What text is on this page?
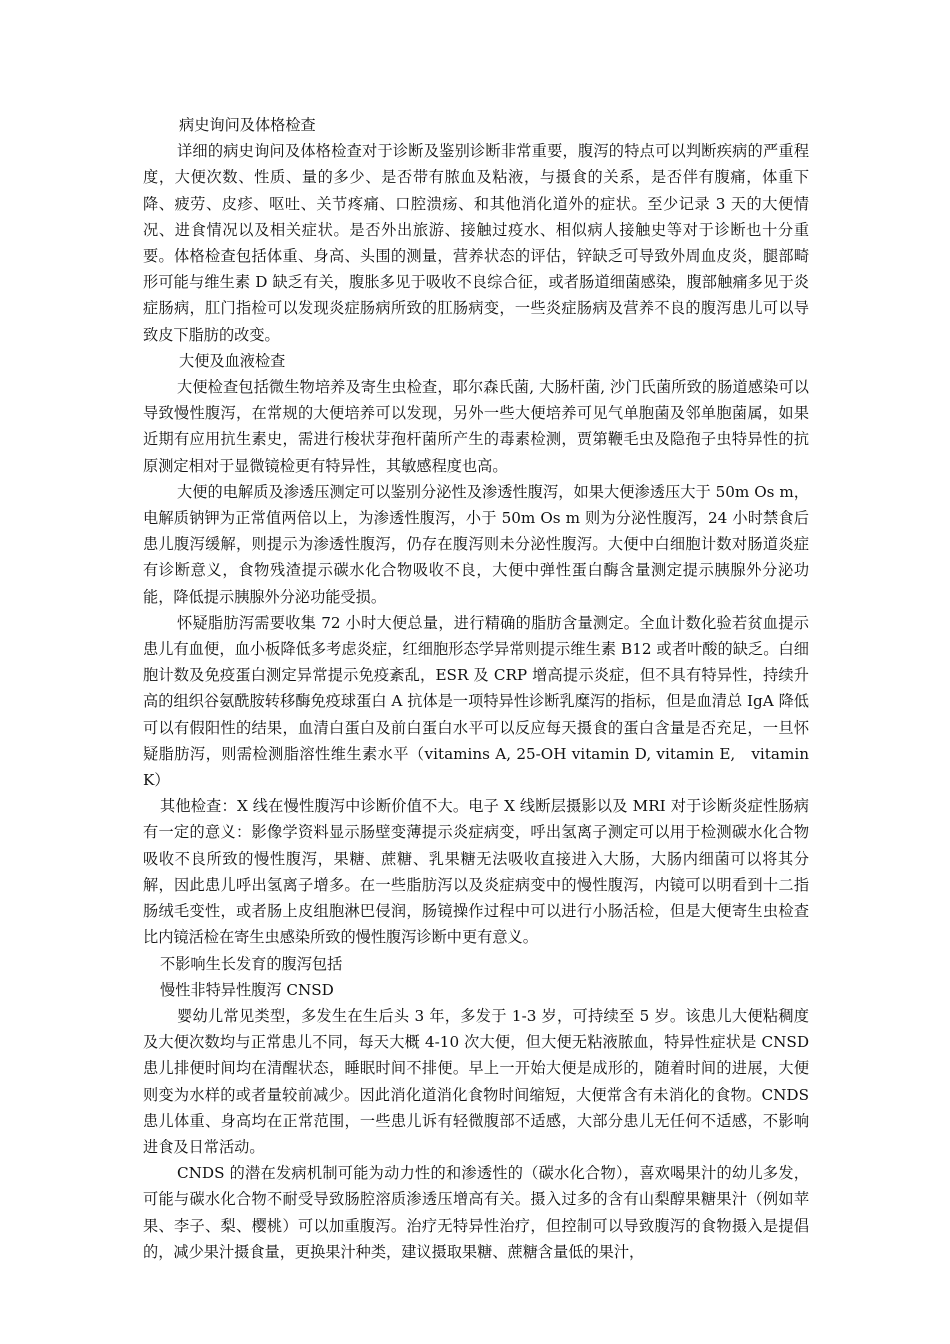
病史询问及体格检查

详细的病史询问及体格检查对于诊断及鉴别诊断非常重要，腹泻的特点可以判断疾病的严重程度，大便次数、性质、量的多少、是否带有脓血及粘液，与摄食的关系，是否伴有腹痛，体重下降、疲劳、皮疹、呕吐、关节疼痛、口腔溃疡、和其他消化道外的症状。至少记录 3 天的大便情况、进食情况以及相关症状。是否外出旅游、接触过疫水、相似病人接触史等对于诊断也十分重要。体格检查包括体重、身高、头围的测量，营养状态的评估，锌缺乏可导致外周血皮炎，腿部畸形可能与维生素 D 缺乏有关，腹胀多见于吸收不良综合征，或者肠道细菌感染，腹部触痛多见于炎症肠病，肛门指检可以发现炎症肠病所致的肛肠病变，一些炎症肠病及营养不良的腹泻患儿可以导致皮下脂肪的改变。

大便及血液检查

大便检查包括微生物培养及寄生虫检查，耶尔森氏菌, 大肠杆菌, 沙门氏菌所致的肠道感染可以导致慢性腹泻，在常规的大便培养可以发现，另外一些大便培养可见气单胞菌及邻单胞菌属，如果近期有应用抗生素史，需进行梭状芽孢杆菌所产生的毒素检测，贾第鞭毛虫及隐孢子虫特异性的抗原测定相对于显微镜检更有特异性，其敏感程度也高。

大便的电解质及渗透压测定可以鉴别分泌性及渗透性腹泻，如果大便渗透压大于 50m Os m，电解质钠钾为正常值两倍以上，为渗透性腹泻，小于 50m Os m 则为分泌性腹泻，24 小时禁食后患儿腹泻缓解，则提示为渗透性腹泻，仍存在腹泻则未分泌性腹泻。大便中白细胞计数对肠道炎症有诊断意义，食物残渣提示碳水化合物吸收不良，大便中弹性蛋白酶含量测定提示胰腺外分泌功能，降低提示胰腺外分泌功能受损。

怀疑脂肪泻需要收集 72 小时大便总量，进行精确的脂肪含量测定。全血计数化验若贫血提示患儿有血便，血小板降低多考虑炎症，红细胞形态学异常则提示维生素 B12 或者叶酸的缺乏。白细胞计数及免疫蛋白测定异常提示免疫紊乱，ESR 及 CRP 增高提示炎症，但不具有特异性，持续升高的组织谷氨酰胺转移酶免疫球蛋白 A 抗体是一项特异性诊断乳糜泻的指标，但是血清总 IgA 降低可以有假阳性的结果，血清白蛋白及前白蛋白水平可以反应每天摄食的蛋白含量是否充足，一旦怀疑脂肪泻，则需检测脂溶性维生素水平（vitamins A, 25-OH vitamin D, vitamin E,　vitamin K）

其他检查：X 线在慢性腹泻中诊断价值不大。电子 X 线断层摄影以及 MRI 对于诊断炎症性肠病有一定的意义：影像学资料显示肠壁变薄提示炎症病变，呼出氢离子测定可以用于检测碳水化合物吸收不良所致的慢性腹泻，果糖、蔗糖、乳果糖无法吸收直接进入大肠，大肠内细菌可以将其分解，因此患儿呼出氢离子增多。在一些脂肪泻以及炎症病变中的慢性腹泻，内镜可以明看到十二指肠绒毛变性，或者肠上皮组胞淋巴侵润，肠镜操作过程中可以进行小肠活检，但是大便寄生虫检查比内镜活检在寄生虫感染所致的慢性腹泻诊断中更有意义。

不影响生长发育的腹泻包括

慢性非特异性腹泻 CNSD

婴幼儿常见类型，多发生在生后头 3 年，多发于 1-3 岁，可持续至 5 岁。该患儿大便粘稠度及大便次数均与正常患儿不同，每天大概 4-10 次大便，但大便无粘液脓血，特异性症状是 CNSD 患儿排便时间均在清醒状态，睡眠时间不排便。早上一开始大便是成形的，随着时间的进展，大便则变为水样的或者量较前减少。因此消化道消化食物时间缩短，大便常含有未消化的食物。CNDS 患儿体重、身高均在正常范围，一些患儿诉有轻微腹部不适感，大部分患儿无任何不适感，不影响进食及日常活动。

CNDS 的潜在发病机制可能为动力性的和渗透性的（碳水化合物），喜欢喝果汁的幼儿多发，可能与碳水化合物不耐受导致肠腔溶质渗透压增高有关。摄入过多的含有山梨醇果糖果汁（例如苹果、李子、梨、樱桃）可以加重腹泻。治疗无特异性治疗，但控制可以导致腹泻的食物摄入是提倡的，减少果汁摄食量，更换果汁种类，建议摄取果糖、蔗糖含量低的果汁，
